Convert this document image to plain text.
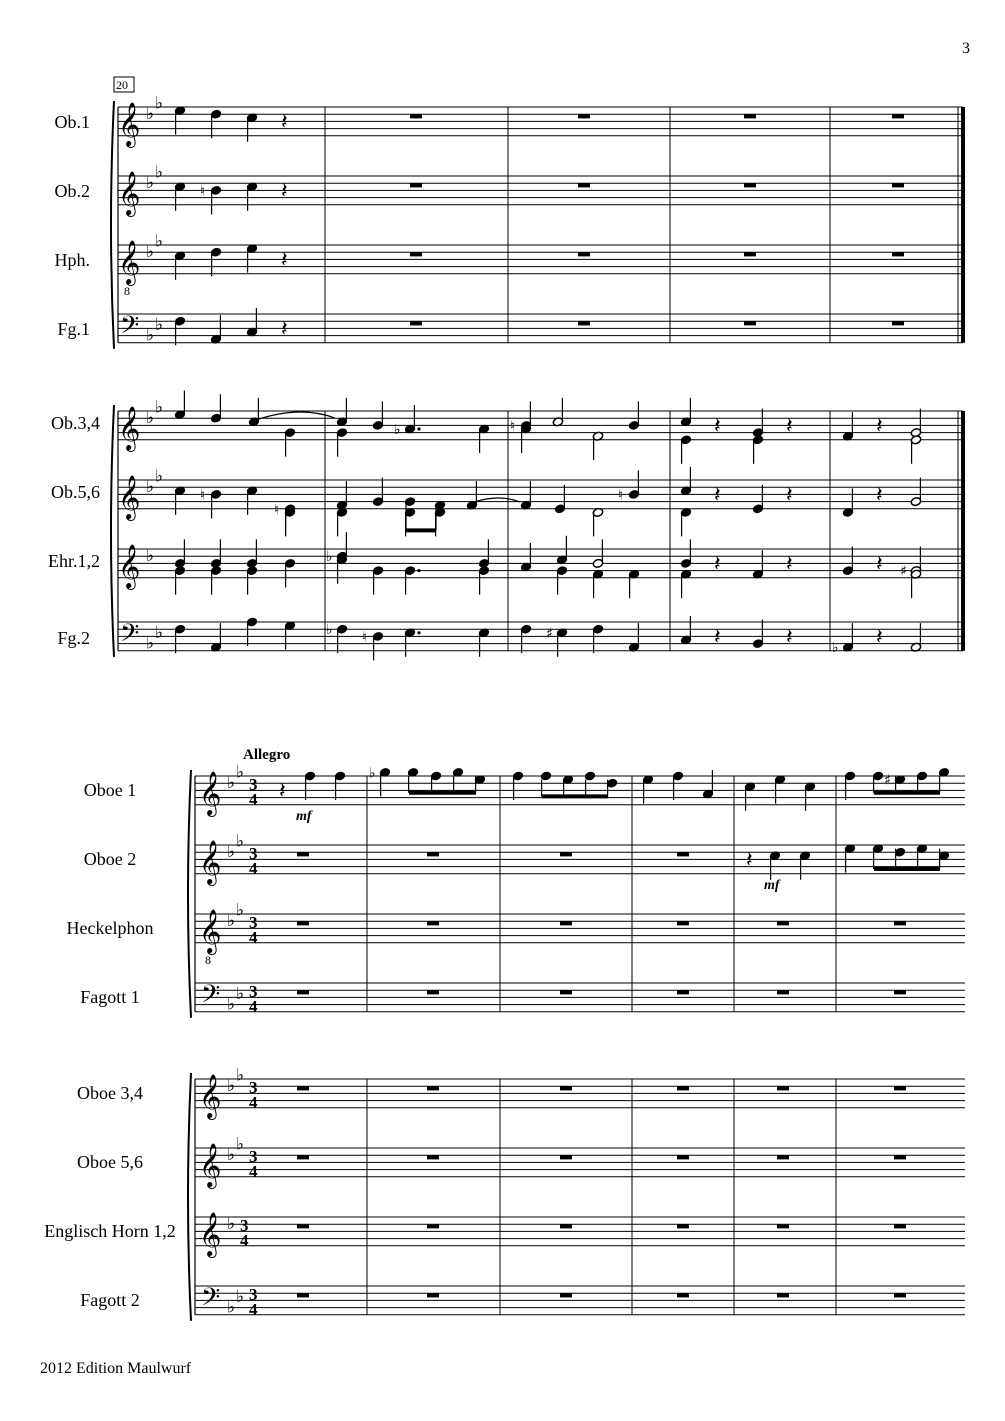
3
Ob.1
Ob.2
Hph.
Fg.1
Ob.3,4
Ob.5,6
Ehr.1,2
Fg.2
Oboe 1
Oboe 2
Heckelphon
Fagott 1
Oboe 3,4
Oboe 5,6
Englisch Horn 1,2
Fagott 2
𝄞
𝄞
𝄞
8
𝄢
𝄞
𝄞
𝄞
𝄢
𝄞
𝄞
𝄞
8
𝄢
𝄞
𝄞
𝄞
𝄢
𝄽
𝄽
𝄽
𝄽
𝄽	𝄽	𝄽
𝄽	𝄽	𝄽
𝄽	𝄽	𝄽
𝄽	𝄽	𝄽
𝄽
𝄽
♭
♭
♭
♭
♭
♭
♭
♭
♭
♭
♭
♭
♭
♭
♭
♮
♭	♮
♮
♮
♮
♭
♯
♭ ♮	♯
♭
♭
♭
♭
♭
♭
♭
♭
♭
♭
♭
♭
♭
♭
♭
♭
♭	♯
20
3
4
3
4
3
4
3
4
3
4
3
4
3
4
3
4
Allegro
mf
mf
2012 Edition Maulwurf
